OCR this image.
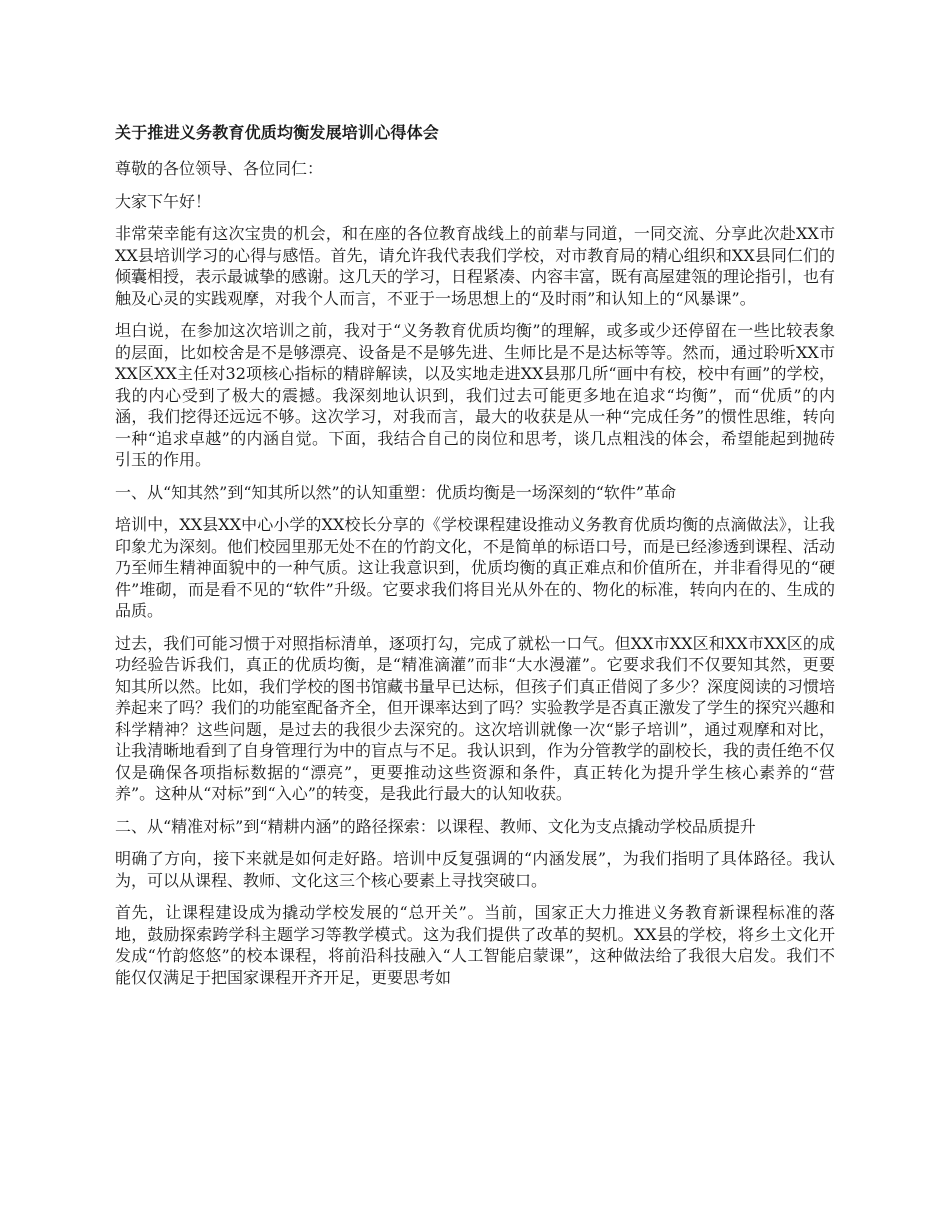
关于推进义务教育优质均衡发展培训心得体会

尊敬的各位领导、各位同仁：

大家下午好！

非常荣幸能有这次宝贵的机会，和在座的各位教育战线上的前辈与同道，一同交流、分享此次赴XX市XX县培训学习的心得与感悟。首先，请允许我代表我们学校，对市教育局的精心组织和XX县同仁们的倾囊相授，表示最诚挚的感谢。这几天的学习，日程紧凑、内容丰富，既有高屋建瓴的理论指引，也有触及心灵的实践观摩，对我个人而言，不亚于一场思想上的“及时雨”和认知上的“风暴课”。

坦白说，在参加这次培训之前，我对于“义务教育优质均衡”的理解，或多或少还停留在一些比较表象的层面，比如校舍是不是够漂亮、设备是不是够先进、生师比是不是达标等等。然而，通过聆听XX市XX区XX主任对32项核心指标的精辟解读，以及实地走进XX县那几所“画中有校，校中有画”的学校，我的内心受到了极大的震撼。我深刻地认识到，我们过去可能更多地在追求“均衡”，而“优质”的内涵，我们挖得还远远不够。这次学习，对我而言，最大的收获是从一种“完成任务”的惯性思维，转向一种“追求卓越”的内涵自觉。下面，我结合自己的岗位和思考，谈几点粗浅的体会，希望能起到抛砖引玉的作用。

一、从“知其然”到“知其所以然”的认知重塑：优质均衡是一场深刻的“软件”革命

培训中，XX县XX中心小学的XX校长分享的《学校课程建设推动义务教育优质均衡的点滴做法》，让我印象尤为深刻。他们校园里那无处不在的竹韵文化，不是简单的标语口号，而是已经渗透到课程、活动乃至师生精神面貌中的一种气质。这让我意识到，优质均衡的真正难点和价值所在，并非看得见的“硬件”堆砌，而是看不见的“软件”升级。它要求我们将目光从外在的、物化的标准，转向内在的、生成的品质。

过去，我们可能习惯于对照指标清单，逐项打勾，完成了就松一口气。但XX市XX区和XX市XX区的成功经验告诉我们，真正的优质均衡，是“精准滴灌”而非“大水漫灌”。它要求我们不仅要知其然，更要知其所以然。比如，我们学校的图书馆藏书量早已达标，但孩子们真正借阅了多少？深度阅读的习惯培养起来了吗？我们的功能室配备齐全，但开课率达到了吗？实验教学是否真正激发了学生的探究兴趣和科学精神？这些问题，是过去的我很少去深究的。这次培训就像一次“影子培训”，通过观摩和对比，让我清晰地看到了自身管理行为中的盲点与不足。我认识到，作为分管教学的副校长，我的责任绝不仅仅是确保各项指标数据的“漂亮”，更要推动这些资源和条件，真正转化为提升学生核心素养的“营养”。这种从“对标”到“入心”的转变，是我此行最大的认知收获。

二、从“精准对标”到“精耕内涵”的路径探索：以课程、教师、文化为支点撬动学校品质提升

明确了方向，接下来就是如何走好路。培训中反复强调的“内涵发展”，为我们指明了具体路径。我认为，可以从课程、教师、文化这三个核心要素上寻找突破口。

首先，让课程建设成为撬动学校发展的“总开关”。当前，国家正大力推进义务教育新课程标准的落地，鼓励探索跨学科主题学习等教学模式。这为我们提供了改革的契机。XX县的学校，将乡土文化开发成“竹韵悠悠”的校本课程，将前沿科技融入“人工智能启蒙课”，这种做法给了我很大启发。我们不能仅仅满足于把国家课程开齐开足，更要思考如
